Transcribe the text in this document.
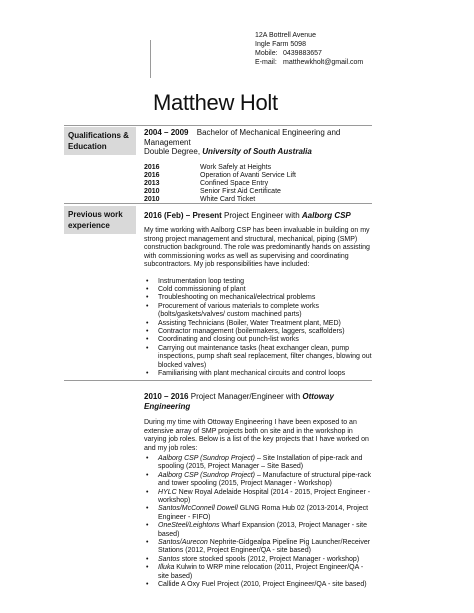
12A Bottrell Avenue
Ingle Farm 5098
Mobile: 0439883657
E-mail: matthewkholt@gmail.com
Matthew Holt
Qualifications & Education
2004 – 2009 Bachelor of Mechanical Engineering and Management
Double Degree, University of South Australia
2016	Work Safely at Heights
2016	Operation of Avanti Service Lift
2013	Confined Space Entry
2010	Senior First Aid Certificate
2010	White Card Ticket
Previous work experience
2016 (Feb) – Present Project Engineer with Aalborg CSP

My time working with Aalborg CSP has been invaluable in building on my strong project management and structural, mechanical, piping (SMP) construction background. The role was predominantly hands on assisting with commissioning works as well as supervising and coordinating subcontractors. My job responsibilities have included:

• Instrumentation loop testing
• Cold commissioning of plant
• Troubleshooting on mechanical/electrical problems
• Procurement of various materials to complete works (bolts/gaskets/valves/ custom machined parts)
• Assisting Technicians (Boiler, Water Treatment plant, MED)
• Contractor management (boilermakers, laggers, scaffolders)
• Coordinating and closing out punch-list works
• Carrying out maintenance tasks (heat exchanger clean, pump inspections, pump shaft seal replacement, filter changes, blowing out blocked valves)
• Familiarising with plant mechanical circuits and control loops
2010 – 2016 Project Manager/Engineer with Ottoway Engineering

During my time with Ottoway Engineering I have been exposed to an extensive array of SMP projects both on site and in the workshop in varying job roles. Below is a list of the key projects that I have worked on and my job roles:

• Aalborg CSP (Sundrop Project) – Site Installation of pipe-rack and spooling (2015, Project Manager – Site Based)
• Aalborg CSP (Sundrop Project) – Manufacture of structural pipe-rack and tower spooling (2015, Project Manager - Workshop)
• HYLC New Royal Adelaide Hospital (2014 - 2015, Project Engineer - workshop)
• Santos/McConnell Dowell GLNG Roma Hub 02 (2013-2014, Project Engineer - FIFO)
• OneSteel/Leightons Wharf Expansion (2013, Project Manager - site based)
• Santos/Aurecon Nephrite-Gidgealpa Pipeline Pig Launcher/Receiver Stations (2012, Project Engineer/QA - site based)
• Santos store stocked spools (2012, Project Manager - workshop)
• Illuka Kulwin to WRP mine relocation (2011, Project Engineer/QA - site based)
• Callide A Oxy Fuel Project (2010, Project Engineer/QA - site based)
